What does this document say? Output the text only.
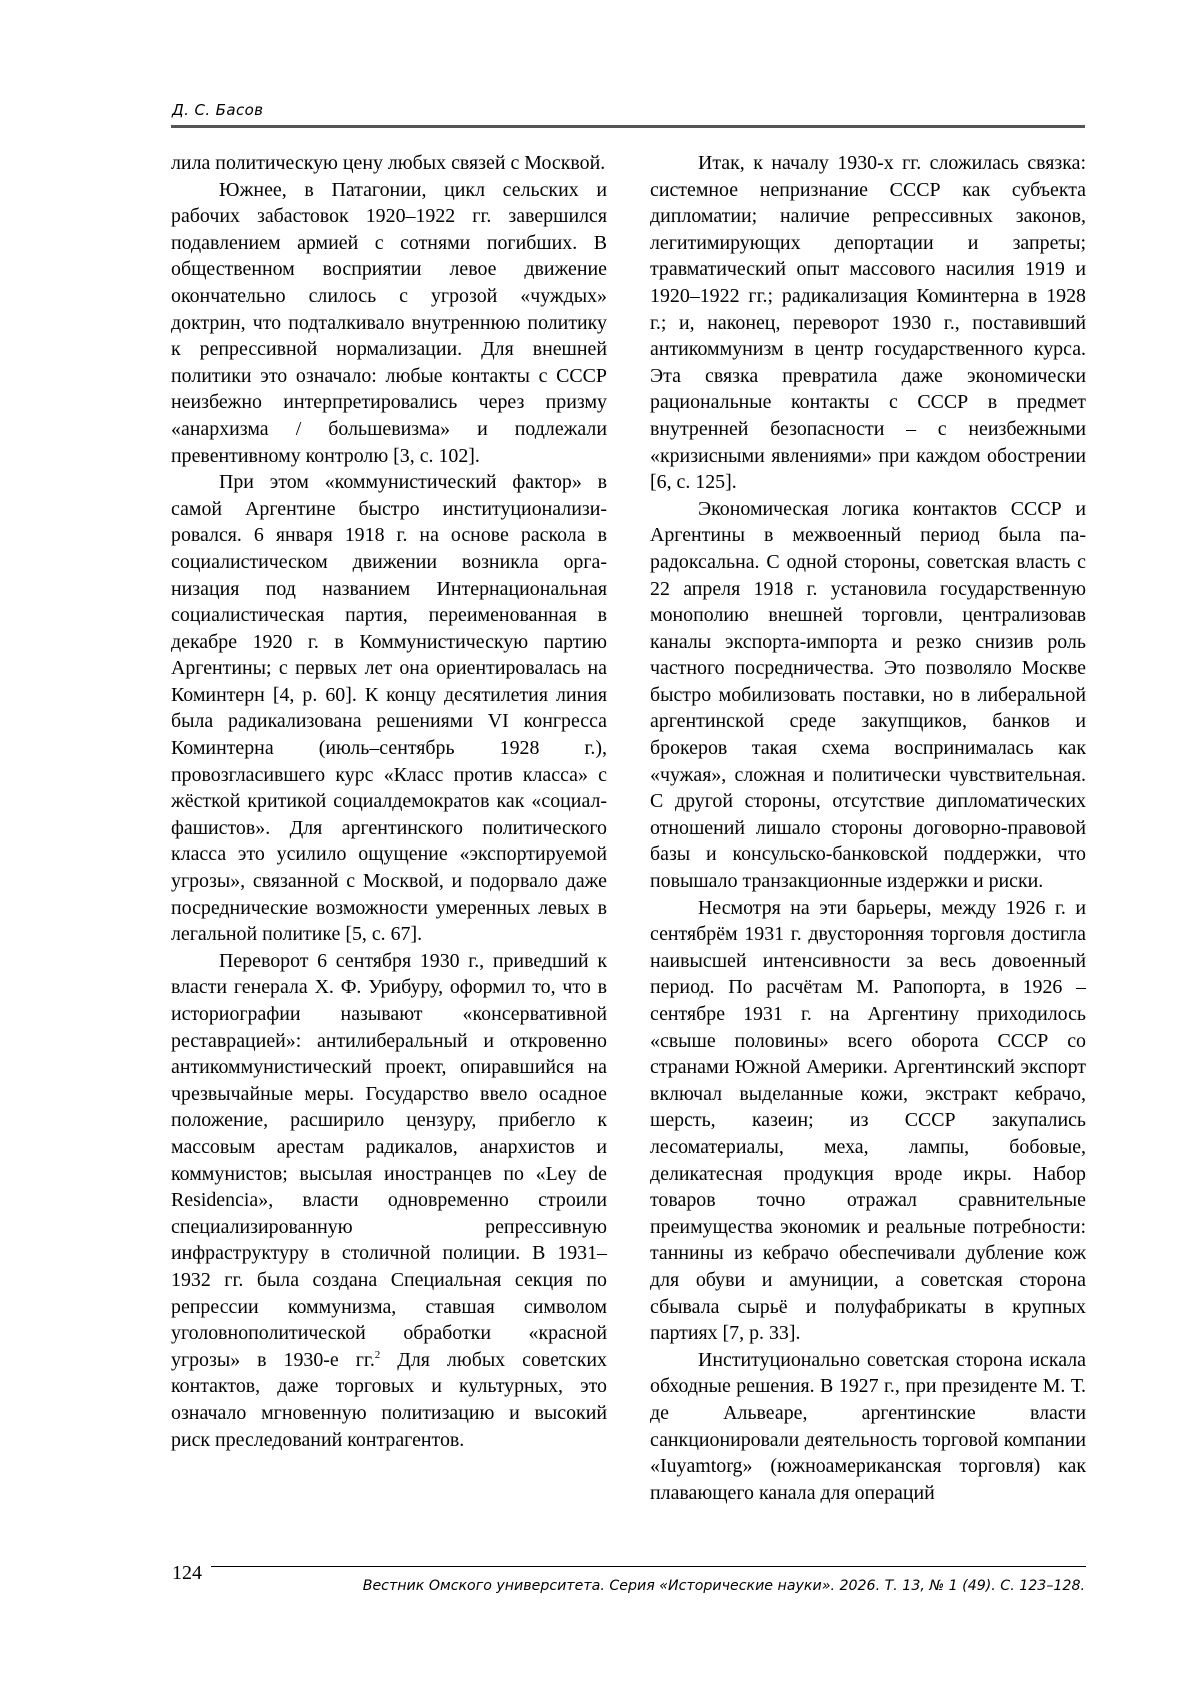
Д. С. Басов

лила политическую цену любых связей с Москвой.

Южнее, в Патагонии, цикл сельских и рабочих забастовок 1920–1922 гг. завершился подавлением армией с сотнями погибших. В общественном восприятии левое движение окончательно слилось с угрозой «чуждых» доктрин, что подталкивало внутреннюю политику к репрессивной нормализации. Для внешней политики это означало: любые контакты с СССР неизбежно интерпретировались через призму «анархизма / большевизма» и подлежали превентивному контролю [3, с. 102].

При этом «коммунистический фактор» в самой Аргентине быстро институционализировался. 6 января 1918 г. на основе раскола в социалистическом движении возникла организация под названием Интернациональная социалистическая партия, переименованная в декабре 1920 г. в Коммунистическую партию Аргентины; с первых лет она ориентировалась на Коминтерн [4, p. 60]. К концу десятилетия линия была радикализована решениями VI конгресса Коминтерна (июль–сентябрь 1928 г.), провозгласившего курс «Класс против класса» с жёсткой критикой социалдемократов как «социал-фашистов». Для аргентинского политического класса это усилило ощущение «экспортируемой угрозы», связанной с Москвой, и подорвало даже посреднические возможности умеренных левых в легальной политике [5, с. 67].

Переворот 6 сентября 1930 г., приведший к власти генерала Х. Ф. Урибуру, оформил то, что в историографии называют «консервативной реставрацией»: антилиберальный и откровенно антикоммунистический проект, опиравшийся на чрезвычайные меры. Государство ввело осадное положение, расширило цензуру, прибегло к массовым арестам радикалов, анархистов и коммунистов; высылая иностранцев по «Ley de Residencia», власти одновременно строили специализированную репрессивную инфраструктуру в столичной полиции. В 1931–1932 гг. была создана Специальная секция по репрессии коммунизма, ставшая символом уголовнополитической обработки «красной угрозы» в 1930-е гг.$^2$ Для любых советских контактов, даже торговых и культурных, это означало мгновенную политизацию и высокий риск преследований контрагентов.

Итак, к началу 1930-х гг. сложилась связка: системное непризнание СССР как субъекта дипломатии; наличие репрессивных законов, легитимирующих депортации и запреты; травматический опыт массового насилия 1919 и 1920–1922 гг.; радикализация Коминтерна в 1928 г.; и, наконец, переворот 1930 г., поставивший антикоммунизм в центр государственного курса. Эта связка превратила даже экономически рациональные контакты с СССР в предмет внутренней безопасности – с неизбежными «кризисными явлениями» при каждом обострении [6, с. 125].

Экономическая логика контактов СССР и Аргентины в межвоенный период была парадоксальна. С одной стороны, советская власть с 22 апреля 1918 г. установила государственную монополию внешней торговли, централизовав каналы экспорта-импорта и резко снизив роль частного посредничества. Это позволяло Москве быстро мобилизовать поставки, но в либеральной аргентинской среде закупщиков, банков и брокеров такая схема воспринималась как «чужая», сложная и политически чувствительная. С другой стороны, отсутствие дипломатических отношений лишало стороны договорно-правовой базы и консульско-банковской поддержки, что повышало транзакционные издержки и риски.

Несмотря на эти барьеры, между 1926 г. и сентябрём 1931 г. двусторонняя торговля достигла наивысшей интенсивности за весь довоенный период. По расчётам М. Рапопорта, в 1926 – сентябре 1931 г. на Аргентину приходилось «свыше половины» всего оборота СССР со странами Южной Америки. Аргентинский экспорт включал выделанные кожи, экстракт кебрачо, шерсть, казеин; из СССР закупались лесоматериалы, меха, лампы, бобовые, деликатесная продукция вроде икры. Набор товаров точно отражал сравнительные преимущества экономик и реальные потребности: таннины из кебрачо обеспечивали дубление кож для обуви и амуниции, а советская сторона сбывала сырьё и полуфабрикаты в крупных партиях [7, p. 33].

Институционально советская сторона искала обходные решения. В 1927 г., при президенте М. Т. де Альвеаре, аргентинские власти санкционировали деятельность торговой компании «Iuyamtorg» (южноамериканская торговля) как плавающего канала для операций

124
Вестник Омского университета. Серия «Исторические науки». 2026. Т. 13, № 1 (49). С. 123–128.
